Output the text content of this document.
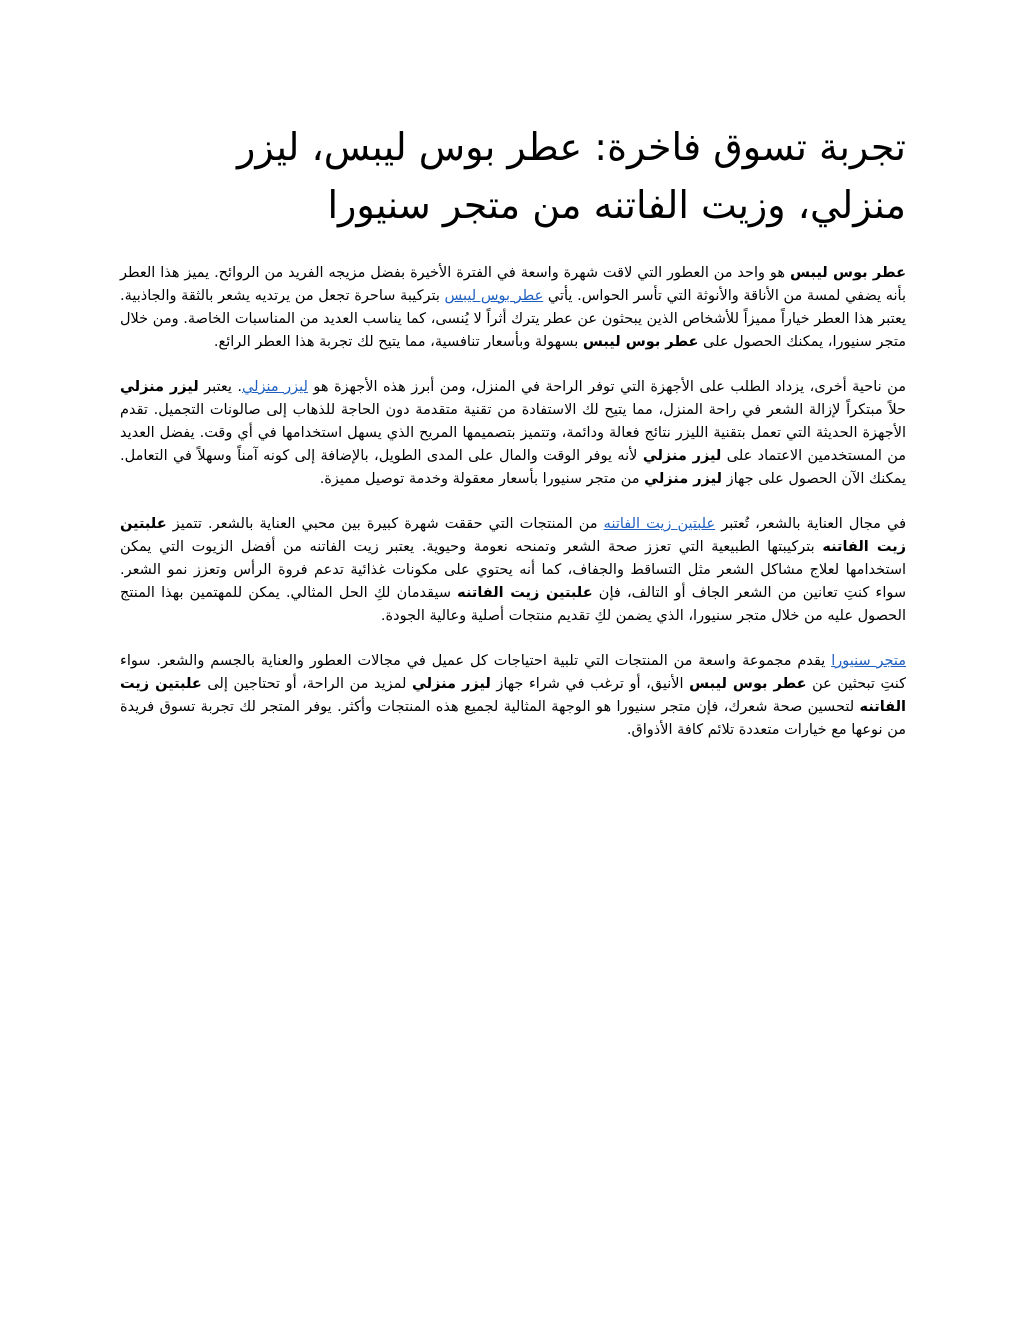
تجربة تسوق فاخرة: عطر بوس ليبس، ليزر منزلي، وزيت الفاتنه من متجر سنيورا

عطر بوس ليبس هو واحد من العطور التي لاقت شهرة واسعة في الفترة الأخيرة بفضل مزيجه الفريد من الروائح. يميز هذا العطر بأنه يضفي لمسة من الأناقة والأنوثة التي تأسر الحواس. يأتي عطر بوس ليبس بتركيبة ساحرة تجعل من يرتديه يشعر بالثقة والجاذبية. يعتبر هذا العطر خياراً مميزاً للأشخاص الذين يبحثون عن عطر يترك أثراً لا يُنسى، كما يناسب العديد من المناسبات الخاصة. ومن خلال متجر سنيورا، يمكنك الحصول على عطر بوس ليبس بسهولة وبأسعار تنافسية، مما يتيح لك تجربة هذا العطر الرائع.

من ناحية أخرى، يزداد الطلب على الأجهزة التي توفر الراحة في المنزل، ومن أبرز هذه الأجهزة هو ليزر منزلي. يعتبر ليزر منزلي حلاً مبتكراً لإزالة الشعر في راحة المنزل، مما يتيح لك الاستفادة من تقنية متقدمة دون الحاجة للذهاب إلى صالونات التجميل. تقدم الأجهزة الحديثة التي تعمل بتقنية الليزر نتائج فعالة ودائمة، وتتميز بتصميمها المريح الذي يسهل استخدامها في أي وقت. يفضل العديد من المستخدمين الاعتماد على ليزر منزلي لأنه يوفر الوقت والمال على المدى الطويل، بالإضافة إلى كونه آمناً وسهلاً في التعامل. يمكنك الآن الحصول على جهاز ليزر منزلي من متجر سنيورا بأسعار معقولة وخدمة توصيل مميزة.

في مجال العناية بالشعر، تُعتبر علبتين زيت الفاتنه من المنتجات التي حققت شهرة كبيرة بين محبي العناية بالشعر. تتميز علبتين زيت الفاتنه بتركيبتها الطبيعية التي تعزز صحة الشعر وتمنحه نعومة وحيوية. يعتبر زيت الفاتنه من أفضل الزيوت التي يمكن استخدامها لعلاج مشاكل الشعر مثل التساقط والجفاف، كما أنه يحتوي على مكونات غذائية تدعم فروة الرأس وتعزز نمو الشعر. سواء كنتِ تعانين من الشعر الجاف أو التالف، فإن علبتين زيت الفاتنه سيقدمان لكِ الحل المثالي. يمكن للمهتمين بهذا المنتج الحصول عليه من خلال متجر سنيورا، الذي يضمن لكِ تقديم منتجات أصلية وعالية الجودة.

متجر سنيورا يقدم مجموعة واسعة من المنتجات التي تلبية احتياجات كل عميل في مجالات العطور والعناية بالجسم والشعر. سواء كنتِ تبحثين عن عطر بوس ليبس الأنيق، أو ترغب في شراء جهاز ليزر منزلي لمزيد من الراحة، أو تحتاجين إلى علبتين زيت الفاتنه لتحسين صحة شعرك، فإن متجر سنيورا هو الوجهة المثالية لجميع هذه المنتجات وأكثر. يوفر المتجر لك تجربة تسوق فريدة من نوعها مع خيارات متعددة تلائم كافة الأذواق.
